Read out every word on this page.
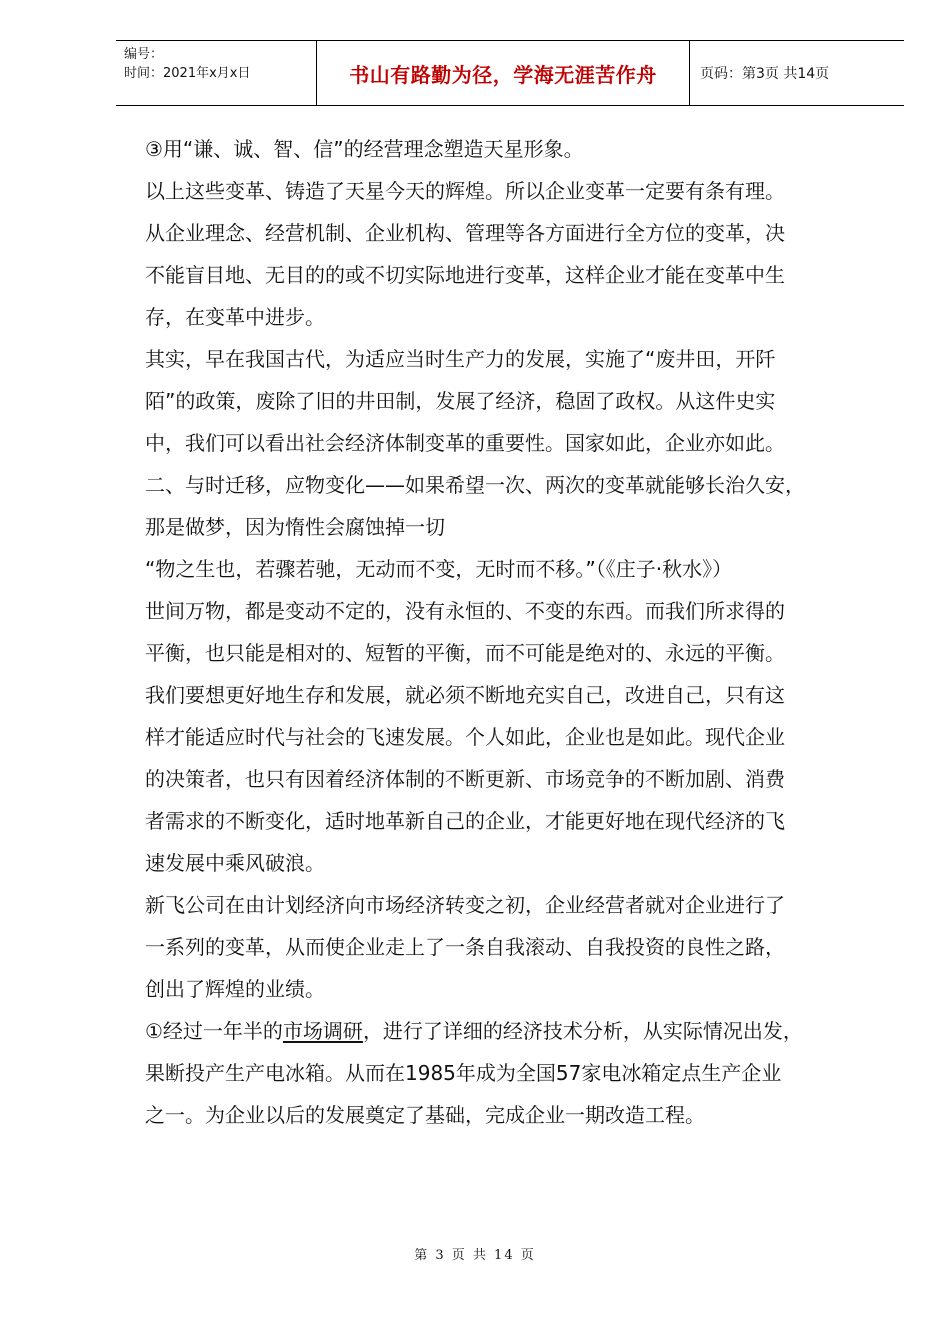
编号：
时间：2021年x月x日	书山有路勤为径，学海无涯苦作舟	页码：第3页 共14页

③用“谦、诚、智、信”的经营理念塑造天星形象。

以上这些变革、铸造了天星今天的辉煌。所以企业变革一定要有条有理。

从企业理念、经营机制、企业机构、管理等各方面进行全方位的变革，决

不能盲目地、无目的的或不切实际地进行变革，这样企业才能在变革中生

存，在变革中进步。

其实，早在我国古代，为适应当时生产力的发展，实施了“废井田，开阡

陌”的政策，废除了旧的井田制，发展了经济，稳固了政权。从这件史实

中，我们可以看出社会经济体制变革的重要性。国家如此，企业亦如此。

二、与时迁移，应物变化——如果希望一次、两次的变革就能够长治久安，

那是做梦，因为惰性会腐蚀掉一切

“物之生也，若骤若驰，无动而不变，无时而不移。”（《庄子·秋水》）

世间万物，都是变动不定的，没有永恒的、不变的东西。而我们所求得的

平衡，也只能是相对的、短暂的平衡，而不可能是绝对的、永远的平衡。

我们要想更好地生存和发展，就必须不断地充实自己，改进自己，只有这

样才能适应时代与社会的飞速发展。个人如此，企业也是如此。现代企业

的决策者，也只有因着经济体制的不断更新、市场竞争的不断加剧、消费

者需求的不断变化，适时地革新自己的企业，才能更好地在现代经济的飞

速发展中乘风破浪。

新飞公司在由计划经济向市场经济转变之初，企业经营者就对企业进行了

一系列的变革，从而使企业走上了一条自我滚动、自我投资的良性之路，

创出了辉煌的业绩。

①经过一年半的市场调研，进行了详细的经济技术分析，从实际情况出发，

果断投产生产电冰箱。从而在1985年成为全国57家电冰箱定点生产企业

之一。为企业以后的发展奠定了基础，完成企业一期改造工程。

第 3 页 共 14 页
